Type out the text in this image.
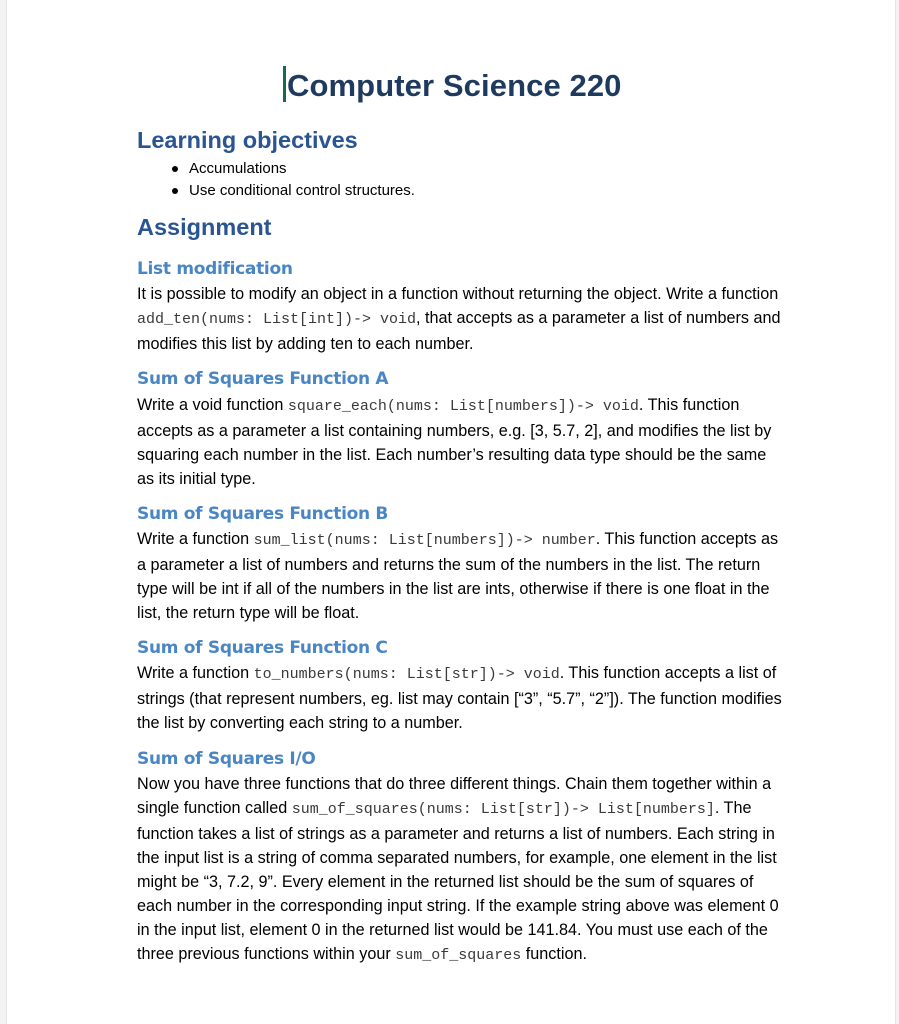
Computer Science 220
Learning objectives
Accumulations
Use conditional control structures.
Assignment
List modification
It is possible to modify an object in a function without returning the object. Write a function add_ten(nums: List[int])-> void, that accepts as a parameter a list of numbers and modifies this list by adding ten to each number.
Sum of Squares Function A
Write a void function square_each(nums: List[numbers])-> void. This function accepts as a parameter a list containing numbers, e.g. [3, 5.7, 2], and modifies the list by squaring each number in the list. Each number’s resulting data type should be the same as its initial type.
Sum of Squares Function B
Write a function sum_list(nums: List[numbers])-> number. This function accepts as a parameter a list of numbers and returns the sum of the numbers in the list. The return type will be int if all of the numbers in the list are ints, otherwise if there is one float in the list, the return type will be float.
Sum of Squares Function C
Write a function to_numbers(nums: List[str])-> void. This function accepts a list of strings (that represent numbers, eg. list may contain [“3”, “5.7”, “2”]). The function modifies the list by converting each string to a number.
Sum of Squares I/O
Now you have three functions that do three different things. Chain them together within a single function called sum_of_squares(nums: List[str])-> List[numbers]. The function takes a list of strings as a parameter and returns a list of numbers. Each string in the input list is a string of comma separated numbers, for example, one element in the list might be “3, 7.2, 9”. Every element in the returned list should be the sum of squares of each number in the corresponding input string. If the example string above was element 0 in the input list, element 0 in the returned list would be 141.84. You must use each of the three previous functions within your sum_of_squares function.
